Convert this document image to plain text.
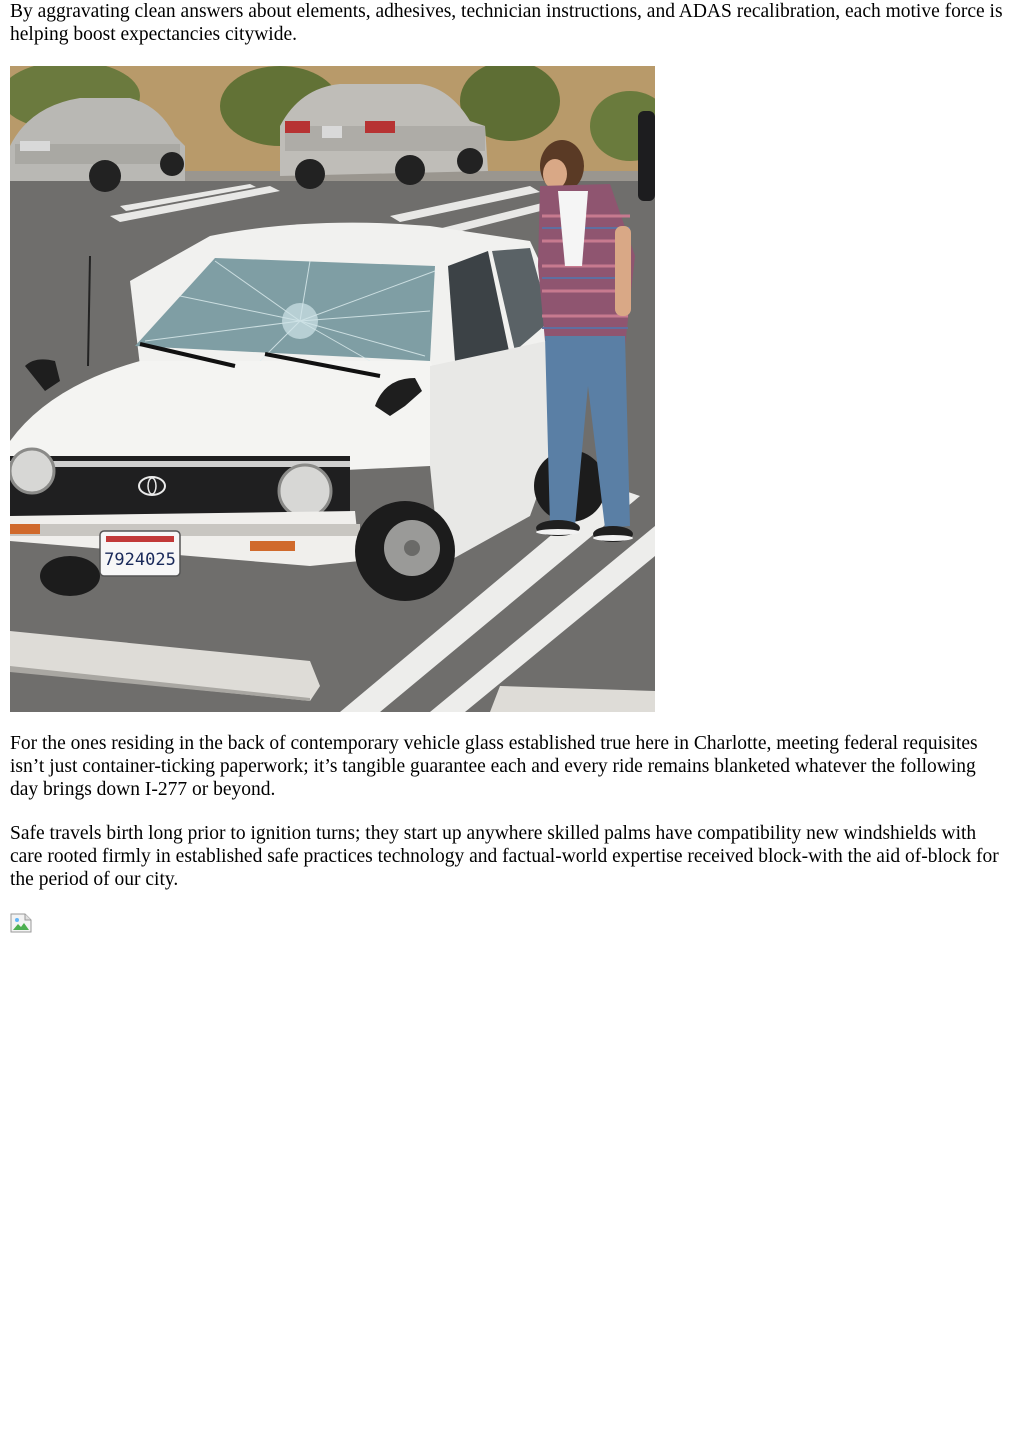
By aggravating clean answers about elements, adhesives, technician instructions, and ADAS recalibration, each motive force is helping boost expectancies citywide.

7924025

For the ones residing in the back of contemporary vehicle glass established true here in Charlotte, meeting federal requisites isn’t just container-ticking paperwork; it’s tangible guarantee each and every ride remains blanketed whatever the following day brings down I-277 or beyond.

Safe travels birth long prior to ignition turns; they start up anywhere skilled palms have compatibility new windshields with care rooted firmly in established safe practices technology and factual-world expertise received block-with the aid of-block for the period of our city.
